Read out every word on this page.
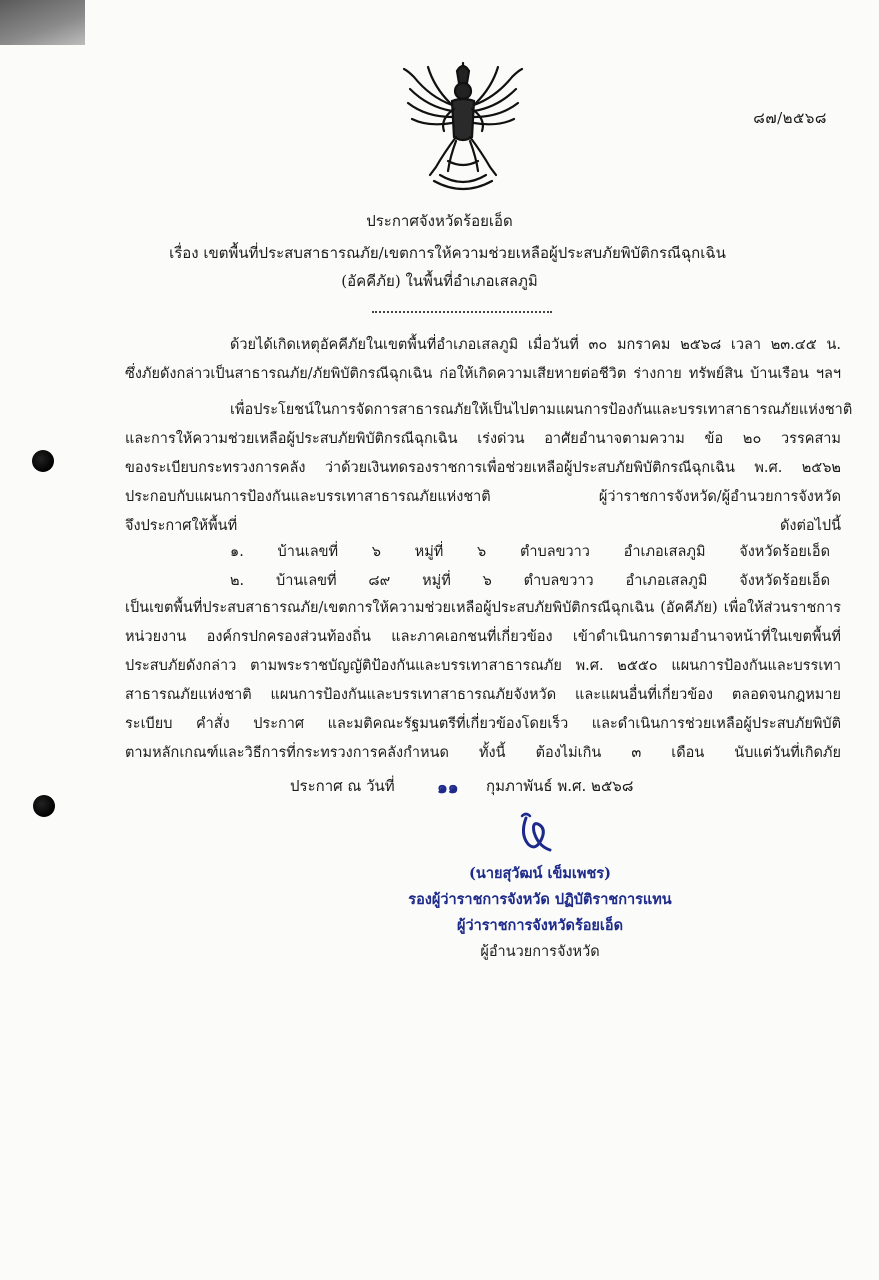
๘๗/๒๕๖๘
ประกาศจังหวัดร้อยเอ็ด
เรื่อง เขตพื้นที่ประสบสาธารณภัย/เขตการให้ความช่วยเหลือผู้ประสบภัยพิบัติกรณีฉุกเฉิน
(อัคคีภัย) ในพื้นที่อำเภอเสลภูมิ
ด้วยได้เกิดเหตุอัคคีภัยในเขตพื้นที่อำเภอเสลภูมิ เมื่อวันที่ ๓๐ มกราคม ๒๕๖๘ เวลา ๒๓.๔๕ น.
ซึ่งภัยดังกล่าวเป็นสาธารณภัย/ภัยพิบัติกรณีฉุกเฉิน ก่อให้เกิดความเสียหายต่อชีวิต ร่างกาย ทรัพย์สิน บ้านเรือน ฯลฯ
เพื่อประโยชน์ในการจัดการสาธารณภัยให้เป็นไปตามแผนการป้องกันและบรรเทาสาธารณภัยแห่งชาติ
และการให้ความช่วยเหลือผู้ประสบภัยพิบัติกรณีฉุกเฉิน เร่งด่วน อาศัยอำนาจตามความ ข้อ ๒๐ วรรคสาม
ของระเบียบกระทรวงการคลัง ว่าด้วยเงินทดรองราชการเพื่อช่วยเหลือผู้ประสบภัยพิบัติกรณีฉุกเฉิน พ.ศ. ๒๕๖๒
ประกอบกับแผนการป้องกันและบรรเทาสาธารณภัยแห่งชาติ ผู้ว่าราชการจังหวัด/ผู้อำนวยการจังหวัด
จึงประกาศให้พื้นที่ ดังต่อไปนี้
๑. บ้านเลขที่ ๖ หมู่ที่ ๖ ตำบลขวาว อำเภอเสลภูมิ จังหวัดร้อยเอ็ด
๒. บ้านเลขที่ ๘๙ หมู่ที่ ๖ ตำบลขวาว อำเภอเสลภูมิ จังหวัดร้อยเอ็ด
เป็นเขตพื้นที่ประสบสาธารณภัย/เขตการให้ความช่วยเหลือผู้ประสบภัยพิบัติกรณีฉุกเฉิน (อัคคีภัย) เพื่อให้ส่วนราชการ
หน่วยงาน องค์กรปกครองส่วนท้องถิ่น และภาคเอกชนที่เกี่ยวข้อง เข้าดำเนินการตามอำนาจหน้าที่ในเขตพื้นที่
ประสบภัยดังกล่าว ตามพระราชบัญญัติป้องกันและบรรเทาสาธารณภัย พ.ศ. ๒๕๕๐ แผนการป้องกันและบรรเทา
สาธารณภัยแห่งชาติ แผนการป้องกันและบรรเทาสาธารณภัยจังหวัด และแผนอื่นที่เกี่ยวข้อง ตลอดจนกฎหมาย
ระเบียบ คำสั่ง ประกาศ และมติคณะรัฐมนตรีที่เกี่ยวข้องโดยเร็ว และดำเนินการช่วยเหลือผู้ประสบภัยพิบัติ
ตามหลักเกณฑ์และวิธีการที่กระทรวงการคลังกำหนด ทั้งนี้ ต้องไม่เกิน ๓ เดือน นับแต่วันที่เกิดภัย
ประกาศ ณ วันที่ ๑๑ กุมภาพันธ์ พ.ศ. ๒๕๖๘
(นายสุวัฒน์ เข็มเพชร)
รองผู้ว่าราชการจังหวัด ปฏิบัติราชการแทน
ผู้ว่าราชการจังหวัดร้อยเอ็ด
ผู้อำนวยการจังหวัด
